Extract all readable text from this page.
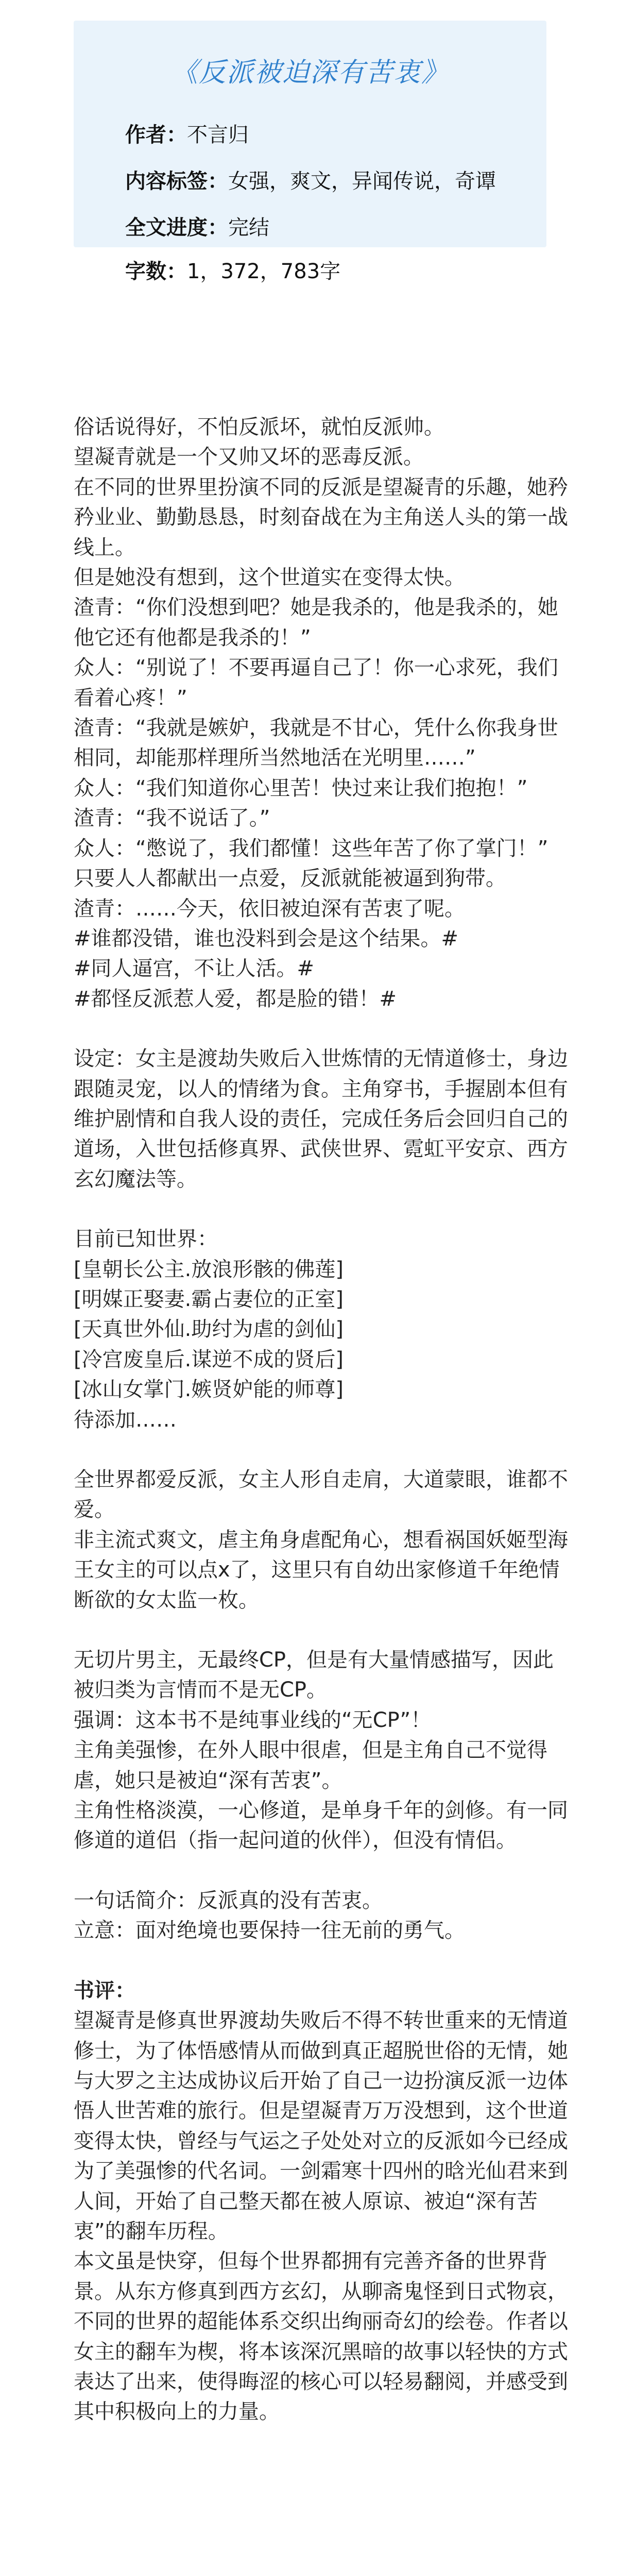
《反派被迫深有苦衷》
作者：不言归
内容标签：女强，爽文，异闻传说，奇谭
全文进度：完结
字数：1，372，783字

俗话说得好，不怕反派坏，就怕反派帅。

望凝青就是一个又帅又坏的恶毒反派。

在不同的世界里扮演不同的反派是望凝青的乐趣，她矜矜业业、勤勤恳恳，时刻奋战在为主角送人头的第一战线上。

但是她没有想到，这个世道实在变得太快。

渣青：“你们没想到吧？她是我杀的，他是我杀的，她他它还有他都是我杀的！”

众人：“别说了！不要再逼自己了！你一心求死，我们看着心疼！”

渣青：“我就是嫉妒，我就是不甘心，凭什么你我身世相同，却能那样理所当然地活在光明里……”

众人：“我们知道你心里苦！快过来让我们抱抱！”

渣青：“我不说话了。”

众人：“憋说了，我们都懂！这些年苦了你了掌门！”

只要人人都献出一点爱，反派就能被逼到狗带。

渣青：……今天，依旧被迫深有苦衷了呢。

#谁都没错，谁也没料到会是这个结果。#

#同人逼宫，不让人活。#

#都怪反派惹人爱，都是脸的错！#

设定：女主是渡劫失败后入世炼情的无情道修士，身边跟随灵宠，以人的情绪为食。主角穿书，手握剧本但有维护剧情和自我人设的责任，完成任务后会回归自己的道场，入世包括修真界、武侠世界、霓虹平安京、西方玄幻魔法等。

目前已知世界：

[皇朝长公主.放浪形骸的佛莲]

[明媒正娶妻.霸占妻位的正室]

[天真世外仙.助纣为虐的剑仙]

[冷宫废皇后.谋逆不成的贤后]

[冰山女掌门.嫉贤妒能的师尊]

待添加……

全世界都爱反派，女主人形自走肩，大道蒙眼，谁都不爱。

非主流式爽文，虐主角身虐配角心，想看祸国妖姬型海王女主的可以点x了，这里只有自幼出家修道千年绝情断欲的女太监一枚。

无切片男主，无最终CP，但是有大量情感描写，因此被归类为言情而不是无CP。

强调：这本书不是纯事业线的“无CP”！

主角美强惨，在外人眼中很虐，但是主角自己不觉得虐，她只是被迫“深有苦衷”。

主角性格淡漠，一心修道，是单身千年的剑修。有一同修道的道侣（指一起问道的伙伴），但没有情侣。

一句话简介：反派真的没有苦衷。

立意：面对绝境也要保持一往无前的勇气。

书评：

望凝青是修真世界渡劫失败后不得不转世重来的无情道修士，为了体悟感情从而做到真正超脱世俗的无情，她与大罗之主达成协议后开始了自己一边扮演反派一边体悟人世苦难的旅行。但是望凝青万万没想到，这个世道变得太快，曾经与气运之子处处对立的反派如今已经成为了美强惨的代名词。一剑霜寒十四州的晗光仙君来到人间，开始了自己整天都在被人原谅、被迫“深有苦衷”的翻车历程。

本文虽是快穿，但每个世界都拥有完善齐备的世界背景。从东方修真到西方玄幻，从聊斋鬼怪到日式物哀，不同的世界的超能体系交织出绚丽奇幻的绘卷。作者以女主的翻车为楔，将本该深沉黑暗的故事以轻快的方式表达了出来，使得晦涩的核心可以轻易翻阅，并感受到其中积极向上的力量。
